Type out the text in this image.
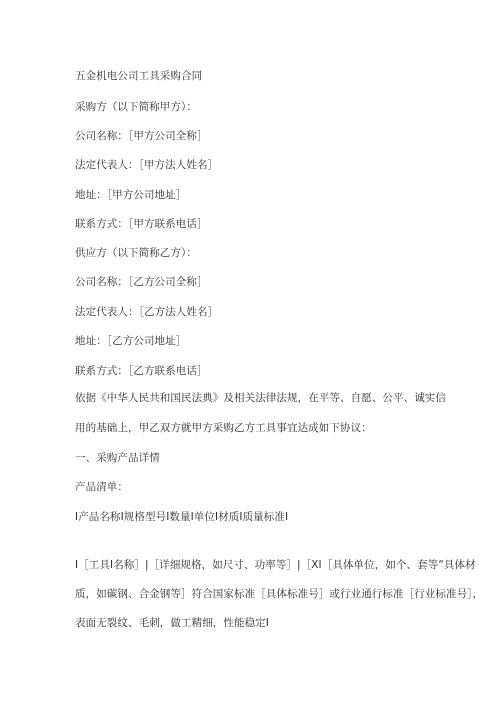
五金机电公司工具采购合同
采购方（以下简称甲方）：
公司名称：［甲方公司全称］
法定代表人：［甲方法人姓名］
地址：［甲方公司地址］
联系方式：［甲方联系电话］
供应方（以下简称乙方）：
公司名称：［乙方公司全称］
法定代表人：［乙方法人姓名］
地址：［乙方公司地址］
联系方式：［乙方联系电话］
依据《中华人民共和国民法典》及相关法律法规，在平等、自愿、公平、诚实信
用的基础上，甲乙双方就甲方采购乙方工具事宜达成如下协议：
一、采购产品详情
产品清单：
I产品名称I规格型号I数量I单位I材质I质量标准I
I［工具I名称］|［详细规格，如尺寸、功率等］|［XI［具体单位，如个、套等“具体材
质，如碳钢、合金钢等］符合国家标准［具体标准号］或行业通行标准［行业标准号］，
表面无裂纹、毛刺，做工精细，性能稳定I
